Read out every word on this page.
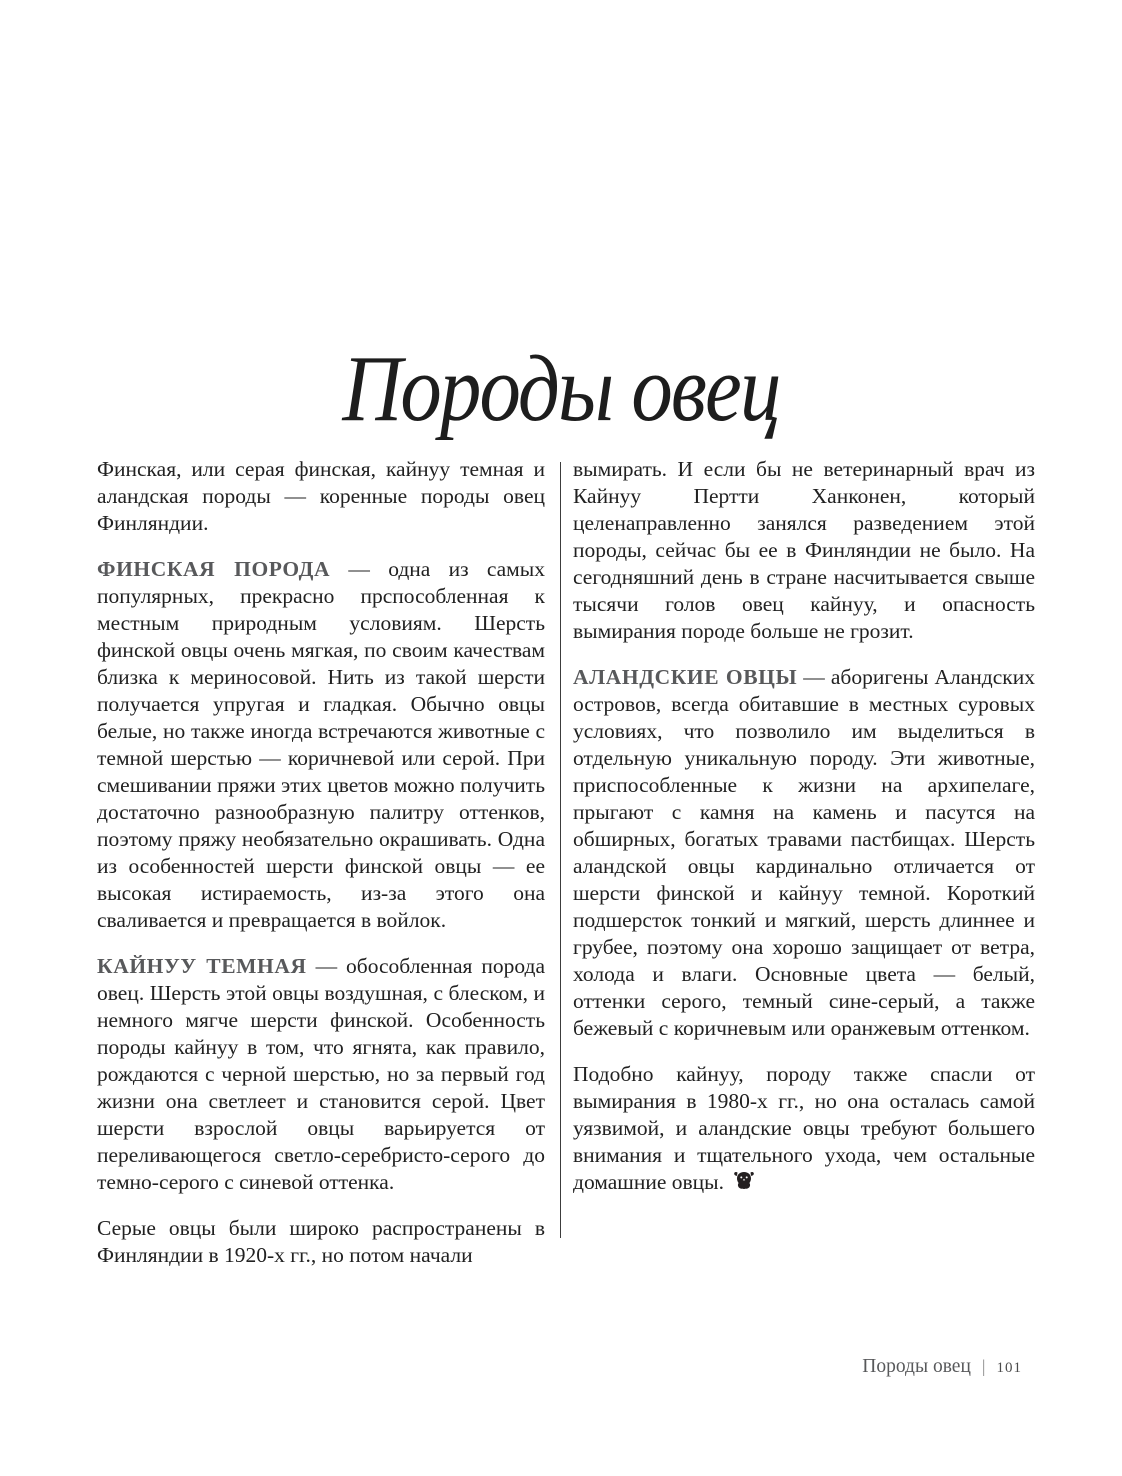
Породы овец

Финская, или серая финская, кайнуу темная и аландская породы — коренные породы овец Финляндии.

ФИНСКАЯ ПОРОДА — одна из самых популярных, прекрасно прспособленная к местным природным условиям. Шерсть финской овцы очень мягкая, по своим качествам близка к мериносовой. Нить из такой шерсти получается упругая и гладкая. Обычно овцы белые, но также иногда встречаются животные с темной шерстью — коричневой или серой. При смешивании пряжи этих цветов можно получить достаточно разнообразную палитру оттенков, поэтому пряжу необязательно окрашивать. Одна из особенностей шерсти финской овцы — ее высокая истираемость, из-за этого она сваливается и превращается в войлок.

КАЙНУУ ТЕМНАЯ — обособленная порода овец. Шерсть этой овцы воздушная, с блеском, и немного мягче шерсти финской. Особенность породы кайнуу в том, что ягнята, как правило, рождаются с черной шерстью, но за первый год жизни она светлеет и становится серой. Цвет шерсти взрослой овцы варьируется от переливающегося светло-серебристо-серого до темно-серого с синевой оттенка.

Серые овцы были широко распространены в Финляндии в 1920-х гг., но потом начали

вымирать. И если бы не ветеринарный врач из Кайнуу Пертти Ханконен, который целенаправленно занялся разведением этой породы, сейчас бы ее в Финляндии не было. На сегодняшний день в стране насчитывается свыше тысячи голов овец кайнуу, и опасность вымирания породе больше не грозит.

АЛАНДСКИЕ ОВЦЫ — аборигены Аландских островов, всегда обитавшие в местных суровых условиях, что позволило им выделиться в отдельную уникальную породу. Эти животные, приспособленные к жизни на архипелаге, прыгают с камня на камень и пасутся на обширных, богатых травами пастбищах. Шерсть аландской овцы кардинально отличается от шерсти финской и кайнуу темной. Короткий подшерсток тонкий и мягкий, шерсть длиннее и грубее, поэтому она хорошо защищает от ветра, холода и влаги. Основные цвета — белый, оттенки серого, темный сине-серый, а также бежевый с коричневым или оранжевым оттенком.

Подобно кайнуу, породу также спасли от вымирания в 1980-х гг., но она осталась самой уязвимой, и аландские овцы требуют большего внимания и тщательного ухода, чем остальные домашние овцы.

Породы овец | 101
